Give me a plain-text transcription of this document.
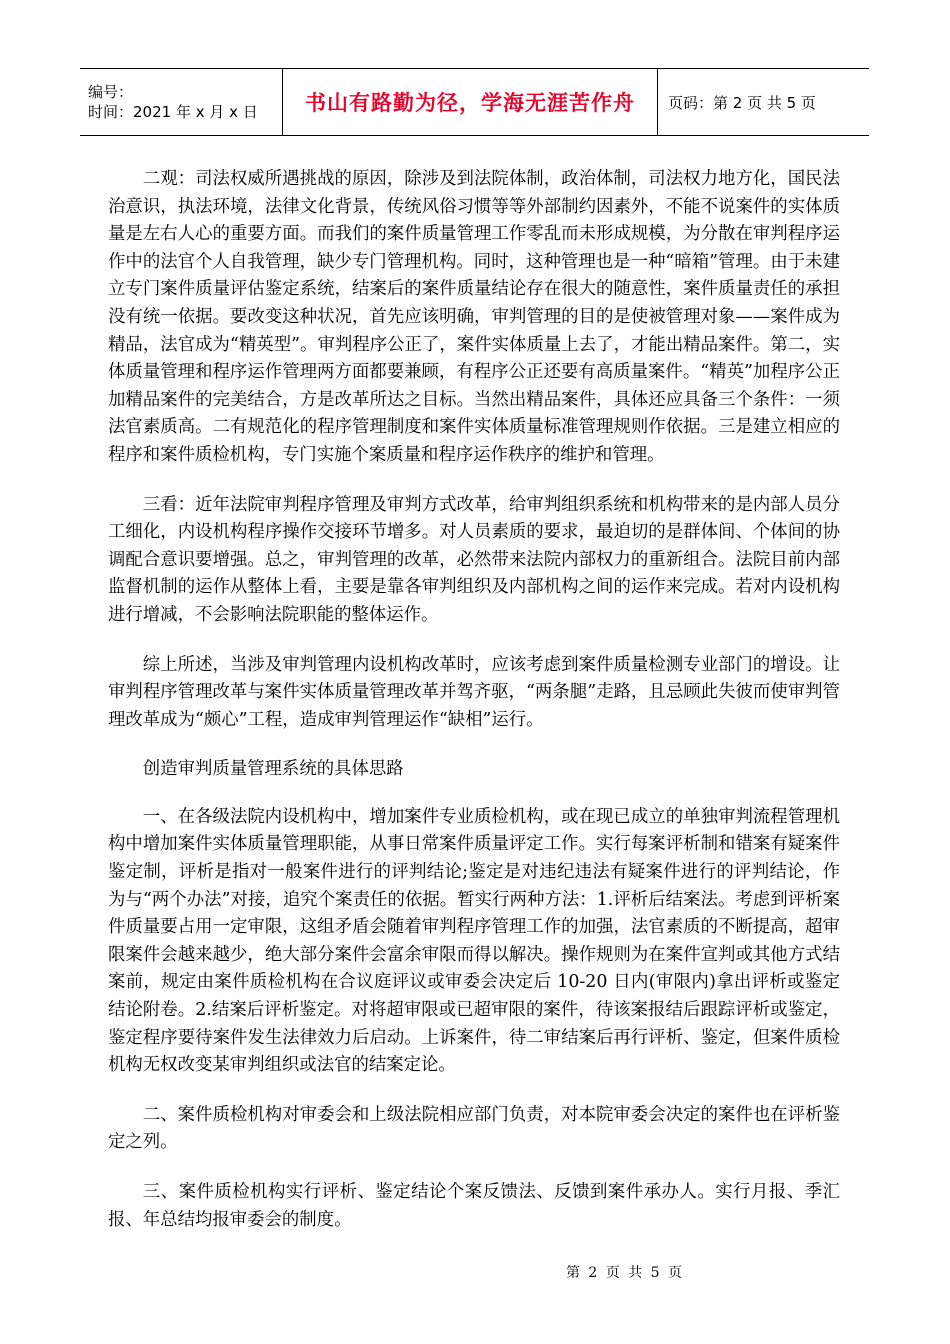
编号：
时间：2021 年 x 月 x 日	书山有路勤为径，学海无涯苦作舟 页码：第 2 页 共 5 页

二观：司法权威所遇挑战的原因，除涉及到法院体制，政治体制，司法权力地方化，国民法治意识，执法环境，法律文化背景，传统风俗习惯等等外部制约因素外，不能不说案件的实体质量是左右人心的重要方面。而我们的案件质量管理工作零乱而未形成规模，为分散在审判程序运作中的法官个人自我管理，缺少专门管理机构。同时，这种管理也是一种“暗箱”管理。由于未建立专门案件质量评估鉴定系统，结案后的案件质量结论存在很大的随意性，案件质量责任的承担没有统一依据。要改变这种状况，首先应该明确，审判管理的目的是使被管理对象——案件成为精品，法官成为“精英型”。审判程序公正了，案件实体质量上去了，才能出精品案件。第二，实体质量管理和程序运作管理两方面都要兼顾，有程序公正还要有高质量案件。“精英”加程序公正加精品案件的完美结合，方是改革所达之目标。当然出精品案件，具体还应具备三个条件：一须法官素质高。二有规范化的程序管理制度和案件实体质量标准管理规则作依据。三是建立相应的程序和案件质检机构，专门实施个案质量和程序运作秩序的维护和管理。

三看：近年法院审判程序管理及审判方式改革，给审判组织系统和机构带来的是内部人员分工细化，内设机构程序操作交接环节增多。对人员素质的要求，最迫切的是群体间、个体间的协调配合意识要增强。总之，审判管理的改革，必然带来法院内部权力的重新组合。法院目前内部监督机制的运作从整体上看，主要是靠各审判组织及内部机构之间的运作来完成。若对内设机构进行增减，不会影响法院职能的整体运作。

综上所述，当涉及审判管理内设机构改革时，应该考虑到案件质量检测专业部门的增设。让审判程序管理改革与案件实体质量管理改革并驾齐驱，“两条腿”走路，且忌顾此失彼而使审判管理改革成为“颇心”工程，造成审判管理运作“缺相”运行。

创造审判质量管理系统的具体思路

一、在各级法院内设机构中，增加案件专业质检机构，或在现已成立的单独审判流程管理机构中增加案件实体质量管理职能，从事日常案件质量评定工作。实行每案评析制和错案有疑案件鉴定制，评析是指对一般案件进行的评判结论;鉴定是对违纪违法有疑案件进行的评判结论，作为与“两个办法”对接，追究个案责任的依据。暂实行两种方法：1.评析后结案法。考虑到评析案件质量要占用一定审限，这组矛盾会随着审判程序管理工作的加强，法官素质的不断提高，超审限案件会越来越少，绝大部分案件会富余审限而得以解决。操作规则为在案件宣判或其他方式结案前，规定由案件质检机构在合议庭评议或审委会决定后 10-20 日内(审限内)拿出评析或鉴定结论附卷。2.结案后评析鉴定。对将超审限或已超审限的案件，待该案报结后跟踪评析或鉴定，鉴定程序要待案件发生法律效力后启动。上诉案件，待二审结案后再行评析、鉴定，但案件质检机构无权改变某审判组织或法官的结案定论。

二、案件质检机构对审委会和上级法院相应部门负责，对本院审委会决定的案件也在评析鉴定之列。

三、案件质检机构实行评析、鉴定结论个案反馈法、反馈到案件承办人。实行月报、季汇报、年总结均报审委会的制度。

第 2 页 共 5 页
